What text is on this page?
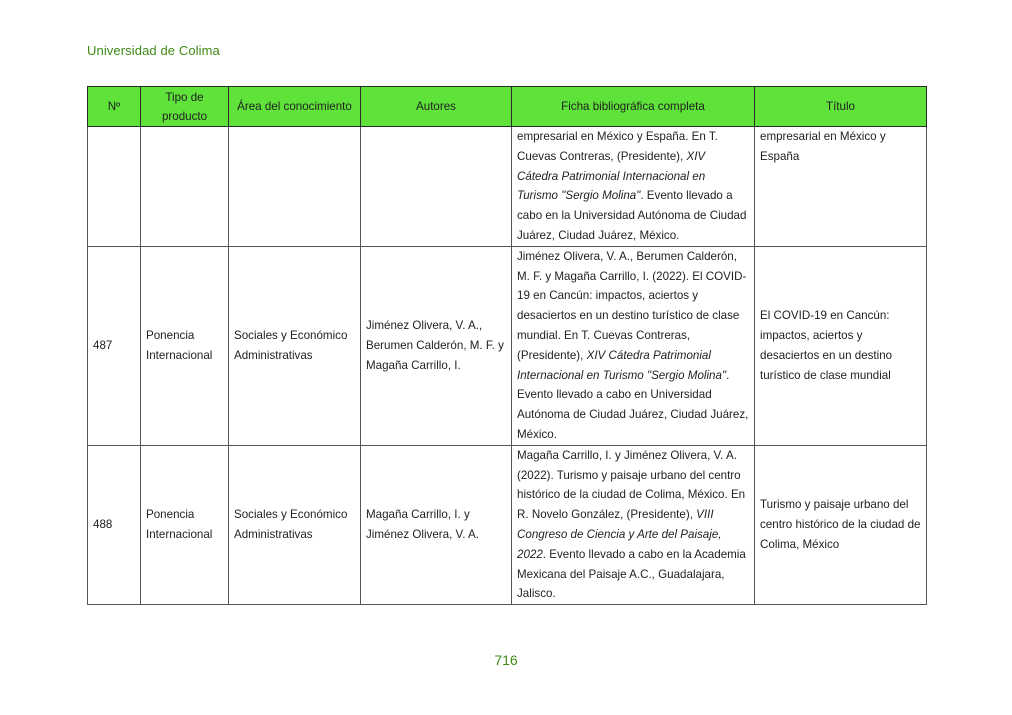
Universidad de Colima
Nº	Tipo de producto	Área del conocimiento	Autores	Ficha bibliográfica completa	Título
				empresarial en México y España. En T. Cuevas Contreras, (Presidente), XIV Cátedra Patrimonial Internacional en Turismo "Sergio Molina". Evento llevado a cabo en la Universidad Autónoma de Ciudad Juárez, Ciudad Juárez, México.	empresarial en México y España
487	Ponencia Internacional	Sociales y Económico Administrativas	Jiménez Olivera, V. A., Berumen Calderón, M. F. y Magaña Carrillo, I.	Jiménez Olivera, V. A., Berumen Calderón, M. F. y Magaña Carrillo, I. (2022). El COVID-19 en Cancún: impactos, aciertos y desaciertos en un destino turístico de clase mundial. En T. Cuevas Contreras, (Presidente), XIV Cátedra Patrimonial Internacional en Turismo "Sergio Molina". Evento llevado a cabo en Universidad Autónoma de Ciudad Juárez, Ciudad Juárez, México.	El COVID-19 en Cancún: impactos, aciertos y desaciertos en un destino turístico de clase mundial
488	Ponencia Internacional	Sociales y Económico Administrativas	Magaña Carrillo, I. y Jiménez Olivera, V. A.	Magaña Carrillo, I. y Jiménez Olivera, V. A. (2022). Turismo y paisaje urbano del centro histórico de la ciudad de Colima, México. En R. Novelo González, (Presidente), VIII Congreso de Ciencia y Arte del Paisaje, 2022. Evento llevado a cabo en la Academia Mexicana del Paisaje A.C., Guadalajara, Jalisco.	Turismo y paisaje urbano del centro histórico de la ciudad de Colima, México
716
